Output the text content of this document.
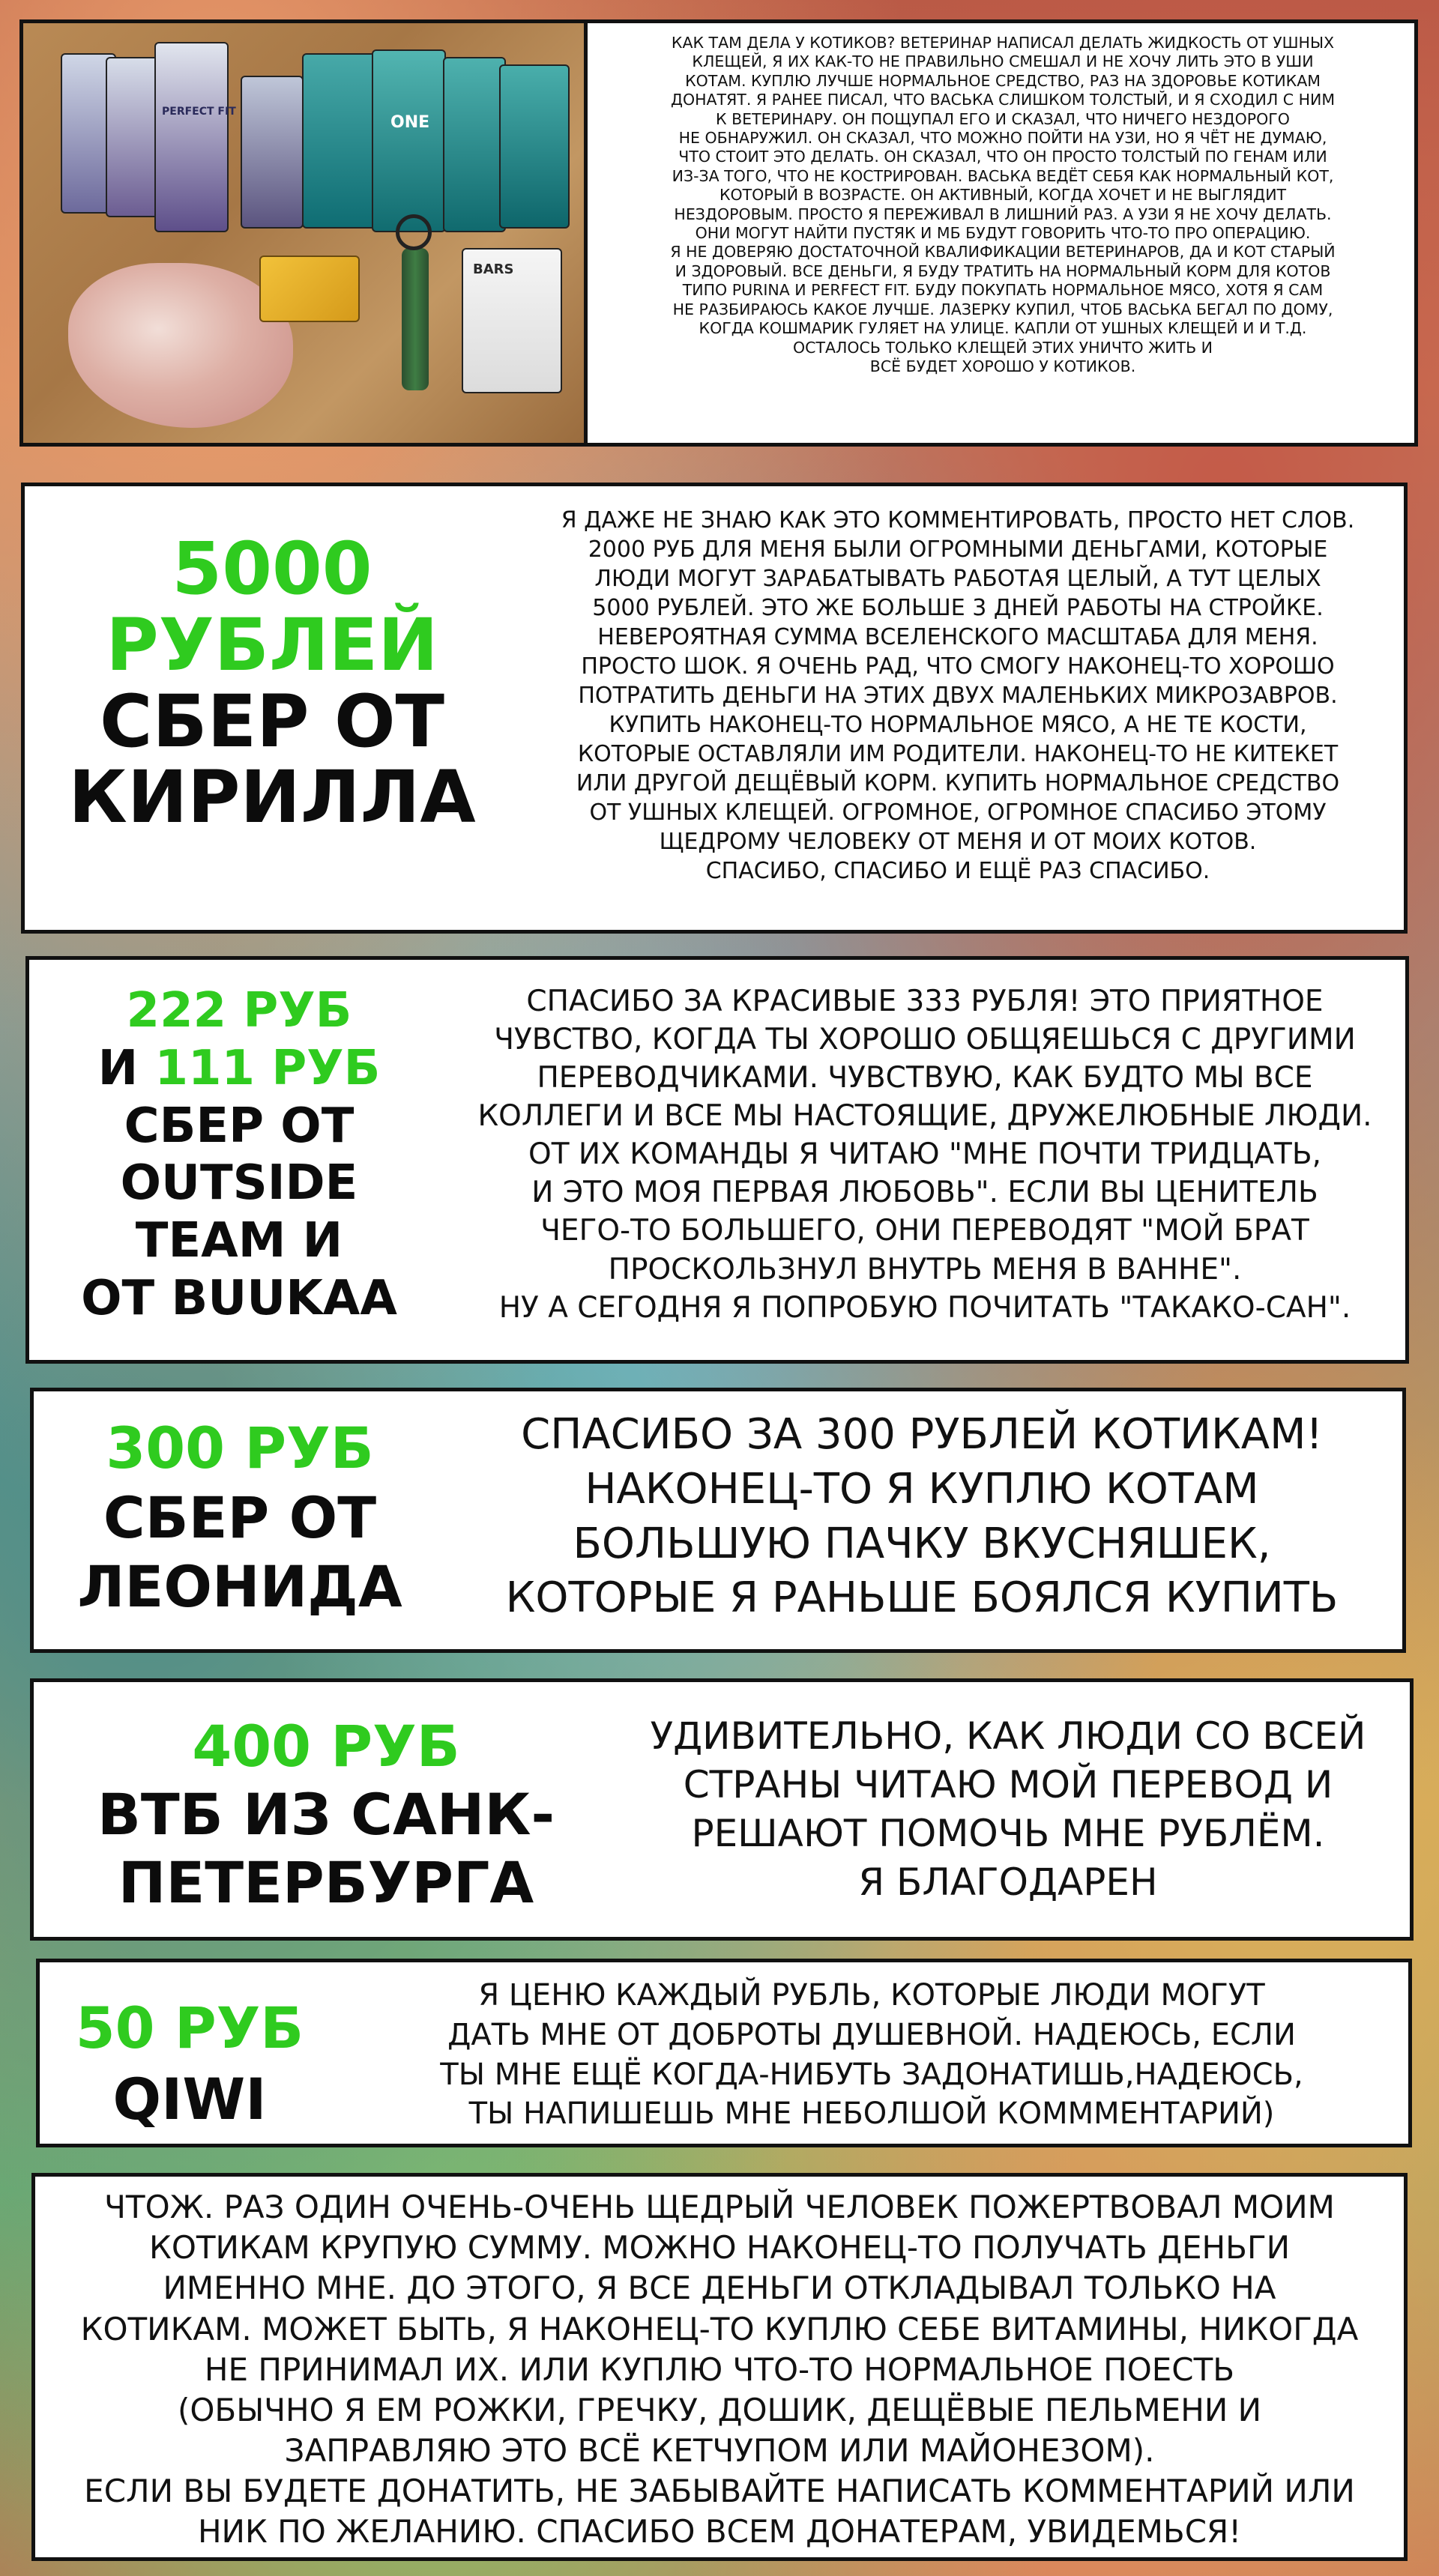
PERFECT FIT
ONE
BARS
КАК ТАМ ДЕЛА У КОТИКОВ? ВЕТЕРИНАР НАПИСАЛ ДЕЛАТЬ ЖИДКОСТЬ ОТ УШНЫХ
КЛЕЩЕЙ, Я ИХ КАК-ТО НЕ ПРАВИЛЬНО СМЕШАЛ И НЕ ХОЧУ ЛИТЬ ЭТО В УШИ
КОТАМ. КУПЛЮ ЛУЧШЕ НОРМАЛЬНОЕ СРЕДСТВО, РАЗ НА ЗДОРОВЬЕ КОТИКАМ
ДОНАТЯТ. Я РАНЕЕ ПИСАЛ, ЧТО ВАСЬКА СЛИШКОМ ТОЛСТЫЙ, И Я СХОДИЛ С НИМ
К ВЕТЕРИНАРУ. ОН ПОЩУПАЛ ЕГО И СКАЗАЛ, ЧТО НИЧЕГО НЕЗДОРОГО
НЕ ОБНАРУЖИЛ. ОН СКАЗАЛ, ЧТО МОЖНО ПОЙТИ НА УЗИ, НО Я ЧЁТ НЕ ДУМАЮ,
ЧТО СТОИТ ЭТО ДЕЛАТЬ. ОН СКАЗАЛ, ЧТО ОН ПРОСТО ТОЛСТЫЙ ПО ГЕНАМ ИЛИ
ИЗ-ЗА ТОГО, ЧТО НЕ КОСТРИРОВАН. ВАСЬКА ВЕДЁТ СЕБЯ КАК НОРМАЛЬНЫЙ КОТ,
КОТОРЫЙ В ВОЗРАСТЕ. ОН АКТИВНЫЙ, КОГДА ХОЧЕТ И НЕ ВЫГЛЯДИТ
НЕЗДОРОВЫМ. ПРОСТО Я ПЕРЕЖИВАЛ В ЛИШНИЙ РАЗ. А УЗИ Я НЕ ХОЧУ ДЕЛАТЬ.
ОНИ МОГУТ НАЙТИ ПУСТЯК И МБ БУДУТ ГОВОРИТЬ ЧТО-ТО ПРО ОПЕРАЦИЮ.
Я НЕ ДОВЕРЯЮ ДОСТАТОЧНОЙ КВАЛИФИКАЦИИ ВЕТЕРИНАРОВ, ДА И КОТ СТАРЫЙ
И ЗДОРОВЫЙ. ВСЕ ДЕНЬГИ, Я БУДУ ТРАТИТЬ НА НОРМАЛЬНЫЙ КОРМ ДЛЯ КОТОВ
ТИПО PURINA И PERFECT FIT. БУДУ ПОКУПАТЬ НОРМАЛЬНОЕ МЯСО, ХОТЯ Я САМ
НЕ РАЗБИРАЮСЬ КАКОЕ ЛУЧШЕ. ЛАЗЕРКУ КУПИЛ, ЧТОБ ВАСЬКА БЕГАЛ ПО ДОМУ,
КОГДА КОШМАРИК ГУЛЯЕТ НА УЛИЦЕ. КАПЛИ ОТ УШНЫХ КЛЕЩЕЙ И И Т.Д.
ОСТАЛОСЬ ТОЛЬКО КЛЕЩЕЙ ЭТИХ УНИЧТО ЖИТЬ И
ВСЁ БУДЕТ ХОРОШО У КОТИКОВ.
5000
РУБЛЕЙ
СБЕР ОТ
КИРИЛЛА
Я ДАЖЕ НЕ ЗНАЮ КАК ЭТО КОММЕНТИРОВАТЬ, ПРОСТО НЕТ СЛОВ.
2000 РУБ ДЛЯ МЕНЯ БЫЛИ ОГРОМНЫМИ ДЕНЬГАМИ, КОТОРЫЕ
ЛЮДИ МОГУТ ЗАРАБАТЫВАТЬ РАБОТАЯ ЦЕЛЫЙ, А ТУТ ЦЕЛЫХ
5000 РУБЛЕЙ. ЭТО ЖЕ БОЛЬШЕ 3 ДНЕЙ РАБОТЫ НА СТРОЙКЕ.
НЕВЕРОЯТНАЯ СУММА ВСЕЛЕНСКОГО МАСШТАБА ДЛЯ МЕНЯ.
ПРОСТО ШОК. Я ОЧЕНЬ РАД, ЧТО СМОГУ НАКОНЕЦ-ТО ХОРОШО
ПОТРАТИТЬ ДЕНЬГИ НА ЭТИХ ДВУХ МАЛЕНЬКИХ МИКРОЗАВРОВ.
КУПИТЬ НАКОНЕЦ-ТО НОРМАЛЬНОЕ МЯСО, А НЕ ТЕ КОСТИ,
КОТОРЫЕ ОСТАВЛЯЛИ ИМ РОДИТЕЛИ. НАКОНЕЦ-ТО НЕ КИТЕКЕТ
ИЛИ ДРУГОЙ ДЕЩЁВЫЙ КОРМ. КУПИТЬ НОРМАЛЬНОЕ СРЕДСТВО
ОТ УШНЫХ КЛЕЩЕЙ. ОГРОМНОЕ, ОГРОМНОЕ СПАСИБО ЭТОМУ
ЩЕДРОМУ ЧЕЛОВЕКУ ОТ МЕНЯ И ОТ МОИХ КОТОВ.
СПАСИБО, СПАСИБО И ЕЩЁ РАЗ СПАСИБО.
222 РУБ
И 111 РУБ
СБЕР ОТ
OUTSIDE
TEAM И
ОТ BUUKAA
СПАСИБО ЗА КРАСИВЫЕ 333 РУБЛЯ! ЭТО ПРИЯТНОЕ
ЧУВСТВО, КОГДА ТЫ ХОРОШО ОБЩЯЕШЬСЯ С ДРУГИМИ
ПЕРЕВОДЧИКАМИ. ЧУВСТВУЮ, КАК БУДТО МЫ ВСЕ
КОЛЛЕГИ И ВСЕ МЫ НАСТОЯЩИЕ, ДРУЖЕЛЮБНЫЕ ЛЮДИ.
ОТ ИХ КОМАНДЫ Я ЧИТАЮ "МНЕ ПОЧТИ ТРИДЦАТЬ,
И ЭТО МОЯ ПЕРВАЯ ЛЮБОВЬ". ЕСЛИ ВЫ ЦЕНИТЕЛЬ
ЧЕГО-ТО БОЛЬШЕГО, ОНИ ПЕРЕВОДЯТ "МОЙ БРАТ
ПРОСКОЛЬЗНУЛ ВНУТРЬ МЕНЯ В ВАННЕ".
НУ А СЕГОДНЯ Я ПОПРОБУЮ ПОЧИТАТЬ "ТАКАКО-САН".
300 РУБ
СБЕР ОТ
ЛЕОНИДА
СПАСИБО ЗА 300 РУБЛЕЙ КОТИКАМ!
НАКОНЕЦ-ТО Я КУПЛЮ КОТАМ
БОЛЬШУЮ ПАЧКУ ВКУСНЯШЕК,
КОТОРЫЕ Я РАНЬШЕ БОЯЛСЯ КУПИТЬ
400 РУБ
ВТБ ИЗ САНК-
ПЕТЕРБУРГА
УДИВИТЕЛЬНО, КАК ЛЮДИ СО ВСЕЙ
СТРАНЫ ЧИТАЮ МОЙ ПЕРЕВОД И
РЕШАЮТ ПОМОЧЬ МНЕ РУБЛЁМ.
Я БЛАГОДАРЕН
50 РУБ
QIWI
Я ЦЕНЮ КАЖДЫЙ РУБЛЬ, КОТОРЫЕ ЛЮДИ МОГУТ
ДАТЬ МНЕ ОТ ДОБРОТЫ ДУШЕВНОЙ. НАДЕЮСЬ, ЕСЛИ
ТЫ МНЕ ЕЩЁ КОГДА-НИБУТЬ ЗАДОНАТИШЬ,НАДЕЮСЬ,
ТЫ НАПИШЕШЬ МНЕ НЕБОЛШОЙ КОМММЕНТАРИЙ)
ЧТОЖ. РАЗ ОДИН ОЧЕНЬ-ОЧЕНЬ ЩЕДРЫЙ ЧЕЛОВЕК ПОЖЕРТВОВАЛ МОИМ
КОТИКАМ КРУПУЮ СУММУ. МОЖНО НАКОНЕЦ-ТО ПОЛУЧАТЬ ДЕНЬГИ
ИМЕННО МНЕ. ДО ЭТОГО, Я ВСЕ ДЕНЬГИ ОТКЛАДЫВАЛ ТОЛЬКО НА
КОТИКАМ. МОЖЕТ БЫТЬ, Я НАКОНЕЦ-ТО КУПЛЮ СЕБЕ ВИТАМИНЫ, НИКОГДА
НЕ ПРИНИМАЛ ИХ. ИЛИ КУПЛЮ ЧТО-ТО НОРМАЛЬНОЕ ПОЕСТЬ
(ОБЫЧНО Я ЕМ РОЖКИ, ГРЕЧКУ, ДОШИК, ДЕЩЁВЫЕ ПЕЛЬМЕНИ И
ЗАПРАВЛЯЮ ЭТО ВСЁ КЕТЧУПОМ ИЛИ МАЙОНЕЗОМ).
ЕСЛИ ВЫ БУДЕТЕ ДОНАТИТЬ, НЕ ЗАБЫВАЙТЕ НАПИСАТЬ КОММЕНТАРИЙ ИЛИ
НИК ПО ЖЕЛАНИЮ. СПАСИБО ВСЕМ ДОНАТЕРАМ, УВИДЕМЬСЯ!
